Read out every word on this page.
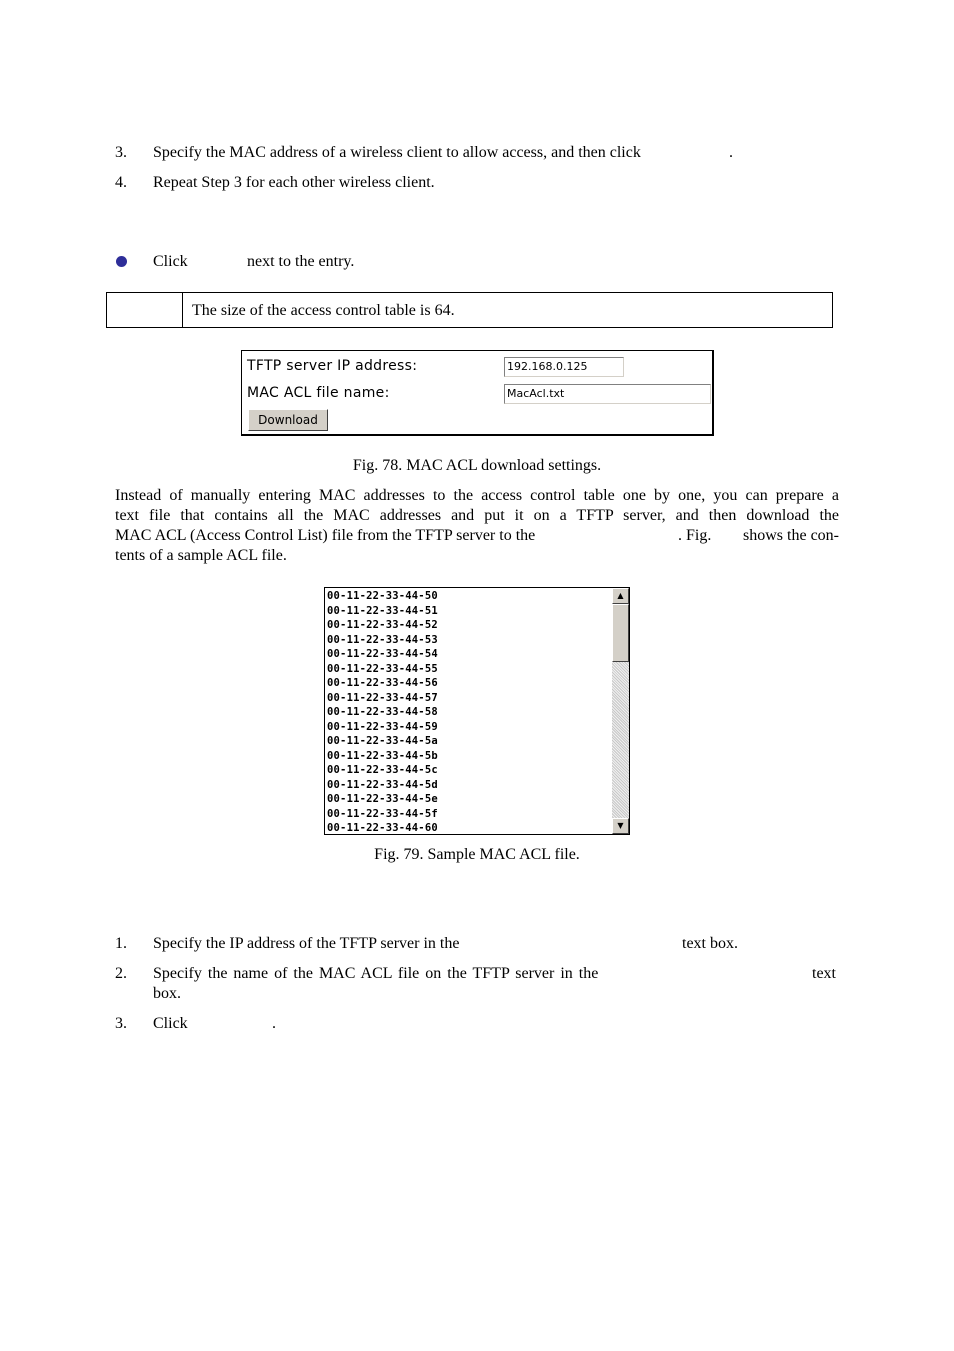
3. Specify the MAC address of a wireless client to allow access, and then click	.
4. Repeat Step 3 for each other wireless client.
Click	next to the entry.
The size of the access control table is 64.
TFTP server IP address:	192.168.0.125
MAC ACL file name:	MacAcl.txt
Download
Fig. 78. MAC ACL download settings.
Instead of manually entering MAC addresses to the access control table one by one, you can prepare a
text file that contains all the MAC addresses and put it on a TFTP server, and then download the
MAC ACL (Access Control List) file from the TFTP server to the	. Fig. shows the con-
tents of a sample ACL file.
00-11-22-33-44-50
00-11-22-33-44-51
00-11-22-33-44-52
00-11-22-33-44-53
00-11-22-33-44-54
00-11-22-33-44-55
00-11-22-33-44-56
00-11-22-33-44-57
00-11-22-33-44-58
00-11-22-33-44-59
00-11-22-33-44-5a
00-11-22-33-44-5b
00-11-22-33-44-5c
00-11-22-33-44-5d
00-11-22-33-44-5e
00-11-22-33-44-5f
00-11-22-33-44-60
▲
▼
Fig. 79. Sample MAC ACL file.
1. Specify the IP address of the TFTP server in the	text box.
2. Specify the name of the MAC ACL file on the TFTP server in the	text
box.
3. Click	.
